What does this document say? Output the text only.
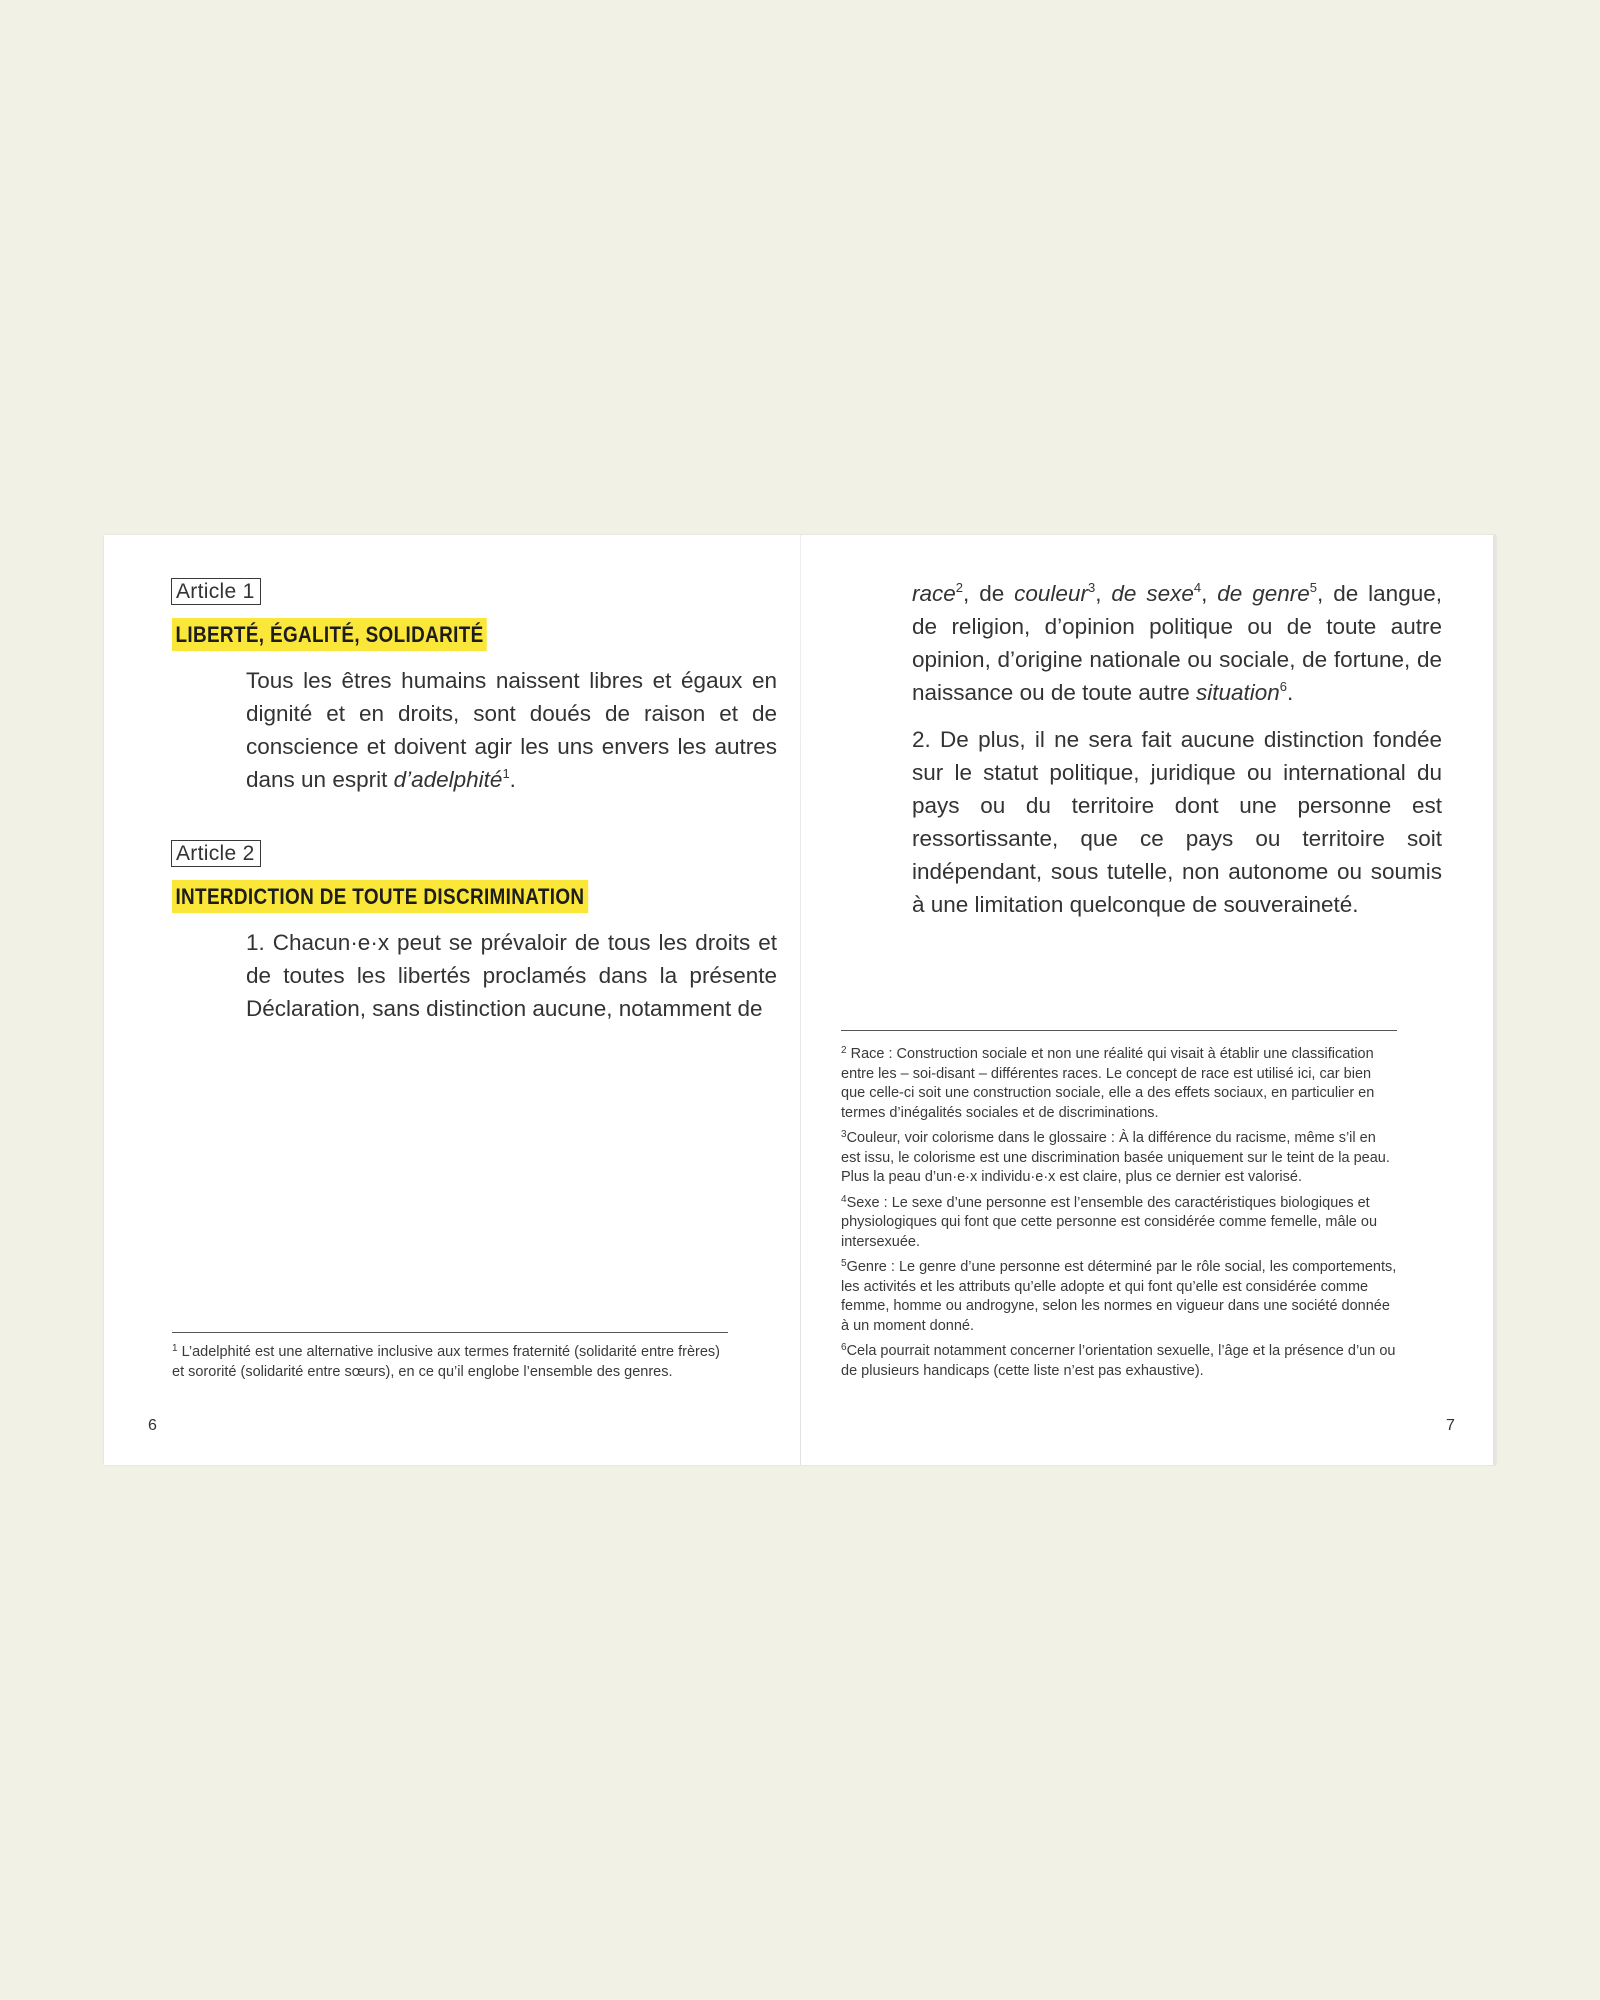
Article 1
LIBERTÉ, ÉGALITÉ, SOLIDARITÉ
Tous les êtres humains naissent libres et égaux en dignité et en droits, sont doués de raison et de conscience et doivent agir les uns envers les autres dans un esprit d’adelphité$^1$.
Article 2
INTERDICTION DE TOUTE DISCRIMINATION
1. Chacun·e·x peut se prévaloir de tous les droits et de toutes les libertés proclamés dans la présente Déclaration, sans distinction aucune, notamment de
$^1$ L’adelphité est une alternative inclusive aux termes fraternité (solidarité entre frères) et sororité (solidarité entre sœurs), en ce qu’il englobe l’ensemble des genres.
6
race$^2$, de couleur$^3$, de sexe$^4$, de genre$^5$, de langue, de religion, d’opinion politique ou de toute autre opinion, d’origine nationale ou sociale, de fortune, de naissance ou de toute autre situation$^6$.
2. De plus, il ne sera fait aucune distinction fondée sur le statut politique, juridique ou international du pays ou du territoire dont une personne est ressortissante, que ce pays ou territoire soit indépendant, sous tutelle, non autonome ou soumis à une limitation quelconque de souveraineté.
$^2$ Race : Construction sociale et non une réalité qui visait à établir une classification entre les – soi-disant – différentes races. Le concept de race est utilisé ici, car bien que celle-ci soit une construction sociale, elle a des effets sociaux, en particulier en termes d’inégalités sociales et de discriminations.
$^3$Couleur, voir colorisme dans le glossaire : À la différence du racisme, même s’il en est issu, le colorisme est une discrimination basée uniquement sur le teint de la peau. Plus la peau d’un·e·x individu·e·x est claire, plus ce dernier est valorisé.
$^4$Sexe : Le sexe d’une personne est l’ensemble des caractéristiques biologiques et physiologiques qui font que cette personne est considérée comme femelle, mâle ou intersexuée.
$^5$Genre : Le genre d’une personne est déterminé par le rôle social, les comportements, les activités et les attributs qu’elle adopte et qui font qu’elle est considérée comme femme, homme ou androgyne, selon les normes en vigueur dans une société donnée à un moment donné.
$^6$Cela pourrait notamment concerner l’orientation sexuelle, l’âge et la présence d’un ou de plusieurs handicaps (cette liste n’est pas exhaustive).
7
